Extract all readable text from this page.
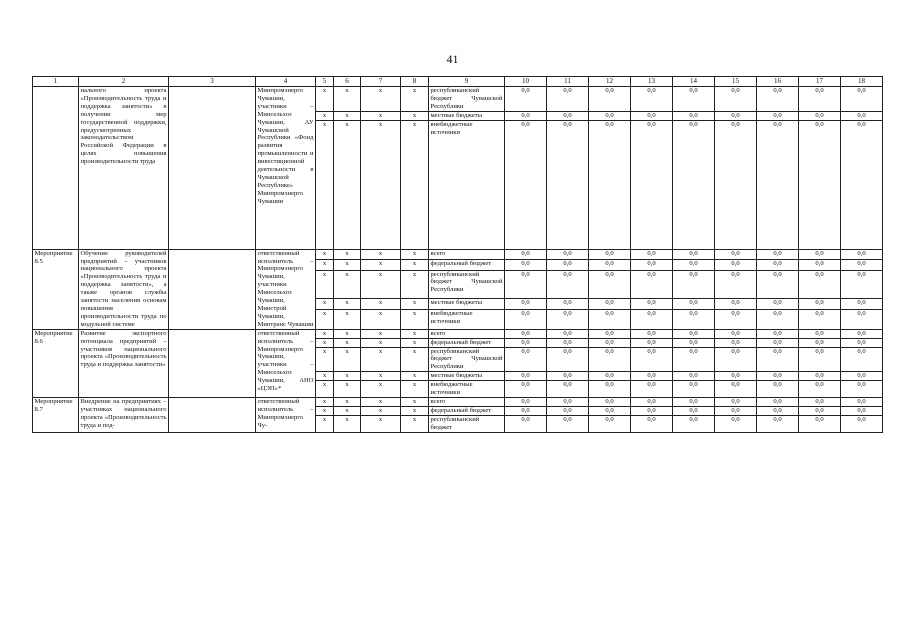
41
1	2	3	4	5	6	7	8	9	10	11	12	13	14	15	16	17	18
	нального проекта «Производительность труда и поддержка занятости» в получении мер государственной поддержки, предусмотренных законодательством Российской Федерации в целях повышения производительности труда		Минпромэнерго Чувашии, участники – Минсельхоз Чувашии, АУ Чувашской Республики «Фонд развития промышленности и инвестиционной деятельности в Чувашской Республике» Минпромэнерго Чувашии	х	х	х	х	республиканский бюджет Чувашской Республики	0,0	0,0	0,0	0,0	0,0	0,0	0,0	0,0	0,0
				х	х	х	х	местные бюджеты	0,0	0,0	0,0	0,0	0,0	0,0	0,0	0,0	0,0
				х	х	х	х	внебюджетные источники	0,0	0,0	0,0	0,0	0,0	0,0	0,0	0,0	0,0
Мероприятие 8.5	Обучение руководителей предприятий – участников национального проекта «Производительность труда и поддержка занятости», а также органов службы занятости населения основам повышения производительности труда по модульной системе		ответственный исполнитель – Минпромэнерго Чувашии, участники Минсельхоз Чувашии, Минстрой Чувашии, Минтранс Чувашии	х	х	х	х	всего	0,0	0,0	0,0	0,0	0,0	0,0	0,0	0,0	0,0
				х	х	х	х	федеральный бюджет	0,0	0,0	0,0	0,0	0,0	0,0	0,0	0,0	0,0
				х	х	х	х	республиканский бюджет Чувашской Республики	0,0	0,0	0,0	0,0	0,0	0,0	0,0	0,0	0,0
				х	х	х	х	местные бюджеты	0,0	0,0	0,0	0,0	0,0	0,0	0,0	0,0	0,0
				х	х	х	х	внебюджетные источники	0,0	0,0	0,0	0,0	0,0	0,0	0,0	0,0	0,0
Мероприятие 8.6	Развитие экспортного потенциала предприятий – участников национального проекта «Производительность труда и поддержка занятости»		ответственный исполнитель – Минпромэнерго Чувашии, участники – Минсельхоз Чувашии, АНО «ЦЭП»*	х	х	х	х	всего	0,0	0,0	0,0	0,0	0,0	0,0	0,0	0,0	0,0
				х	х	х	х	федеральный бюджет	0,0	0,0	0,0	0,0	0,0	0,0	0,0	0,0	0,0
				х	х	х	х	республиканский бюджет Чувашской Республики	0,0	0,0	0,0	0,0	0,0	0,0	0,0	0,0	0,0
				х	х	х	х	местные бюджеты	0,0	0,0	0,0	0,0	0,0	0,0	0,0	0,0	0,0
				х	х	х	х	внебюджетные источники	0,0	0,0	0,0	0,0	0,0	0,0	0,0	0,0	0,0
Мероприятие 8.7	Внедрение на предприятиях – участниках национального проекта «Производительность труда и под-		ответственный исполнитель – Минпромэнерго Чу-	х	х	х	х	всего	0,0	0,0	0,0	0,0	0,0	0,0	0,0	0,0	0,0
				х	х	х	х	федеральный бюджет	0,0	0,0	0,0	0,0	0,0	0,0	0,0	0,0	0,0
				х	х	х	х	республиканский бюджет	0,0	0,0	0,0	0,0	0,0	0,0	0,0	0,0	0,0
